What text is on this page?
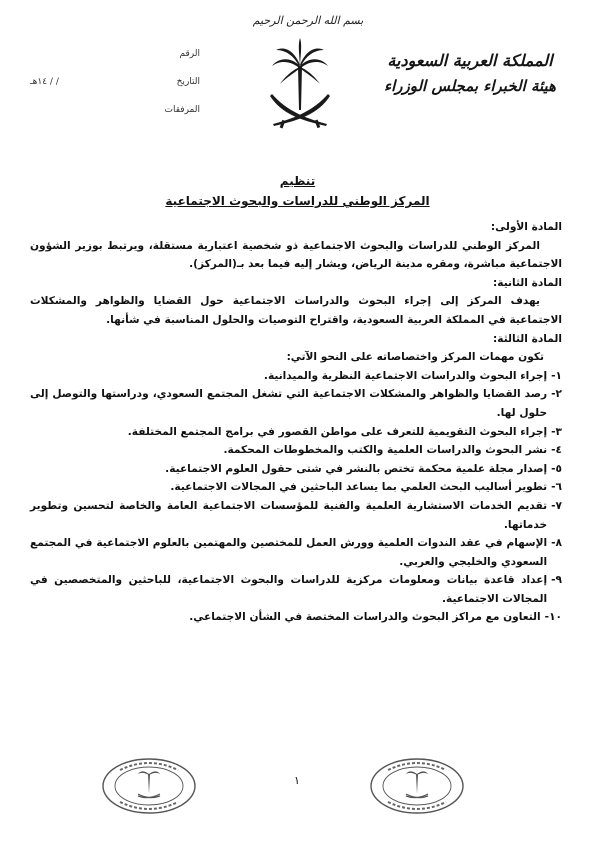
بسم الله الرحمن الرحيم
المملكة العربية السعودية
هيئة الخبراء بمجلس الوزراء
الرقم
التاريخ
/ / ١٤هـ
المرفقات
تنظيم
المركز الوطني للدراسات والبحوث الاجتماعية

المادة الأولى:

المركز الوطني للدراسات والبحوث الاجتماعية ذو شخصية اعتبارية مستقلة، ويرتبط بوزير الشؤون الاجتماعية مباشرة، ومقره مدينة الرياض، ويشار إليه فيما بعد بـ(المركز).

المادة الثانية:

يهدف المركز إلى إجراء البحوث والدراسات الاجتماعية حول القضايا والظواهر والمشكلات الاجتماعية في المملكة العربية السعودية، واقتراح التوصيات والحلول المناسبة في شأنها.

المادة الثالثة:

تكون مهمات المركز واختصاصاته على النحو الآتي:

١-
إجراء البحوث والدراسات الاجتماعية النظرية والميدانية.
٢-
رصد القضايا والظواهر والمشكلات الاجتماعية التي تشغل المجتمع السعودي، ودراستها والتوصل إلى حلول لها.
٣-
إجراء البحوث التقويمية للتعرف على مواطن القصور في برامج المجتمع المختلفة.
٤-
نشر البحوث والدراسات العلمية والكتب والمخطوطات المحكمة.
٥-
إصدار مجلة علمية محكمة تختص بالنشر في شتى حقول العلوم الاجتماعية.
٦-
تطوير أساليب البحث العلمي بما يساعد الباحثين في المجالات الاجتماعية.
٧-
تقديم الخدمات الاستشارية العلمية والفنية للمؤسسات الاجتماعية العامة والخاصة لتحسين وتطوير خدماتها.
٨-
الإسهام في عقد الندوات العلمية وورش العمل للمختصين والمهتمين بالعلوم الاجتماعية في المجتمع السعودي والخليجي والعربي.
٩-
إعداد قاعدة بيانات ومعلومات مركزية للدراسات والبحوث الاجتماعية، للباحثين والمتخصصين في المجالات الاجتماعية.
١٠-
التعاون مع مراكز البحوث والدراسات المختصة في الشأن الاجتماعي.
١
